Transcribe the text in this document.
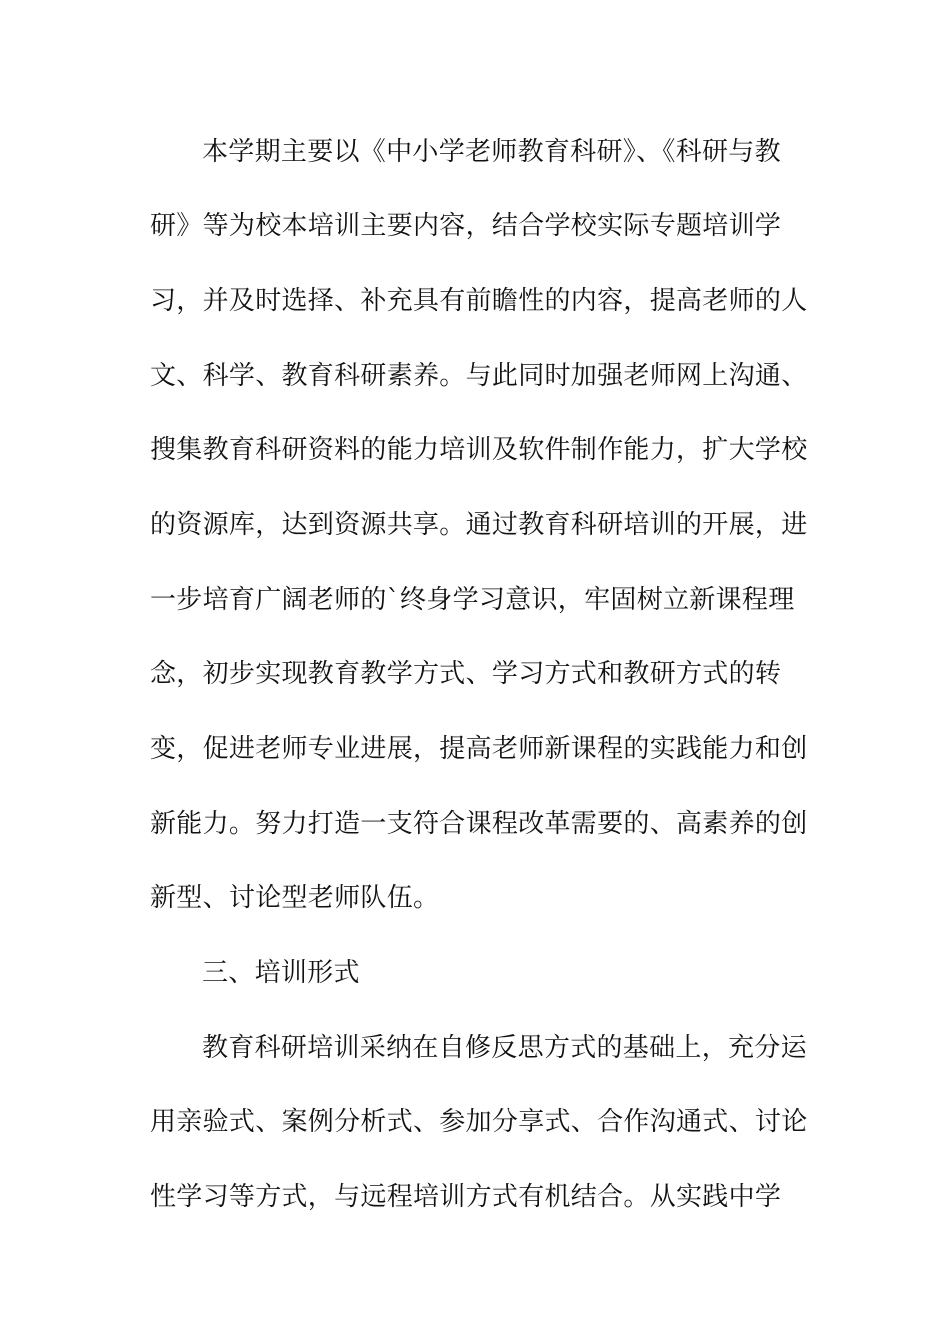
本学期主要以《中小学老师教育科研》、《科研与教
研》等为校本培训主要内容，结合学校实际专题培训学
习，并及时选择、补充具有前瞻性的内容，提高老师的人
文、科学、教育科研素养。与此同时加强老师网上沟通、
搜集教育科研资料的能力培训及软件制作能力，扩大学校
的资源库，达到资源共享。通过教育科研培训的开展，进
一步培育广阔老师的`终身学习意识，牢固树立新课程理
念，初步实现教育教学方式、学习方式和教研方式的转
变，促进老师专业进展，提高老师新课程的实践能力和创
新能力。努力打造一支符合课程改革需要的、高素养的创
新型、讨论型老师队伍。
三、培训形式
教育科研培训采纳在自修反思方式的基础上，充分运
用亲验式、案例分析式、参加分享式、合作沟通式、讨论
性学习等方式，与远程培训方式有机结合。从实践中学
